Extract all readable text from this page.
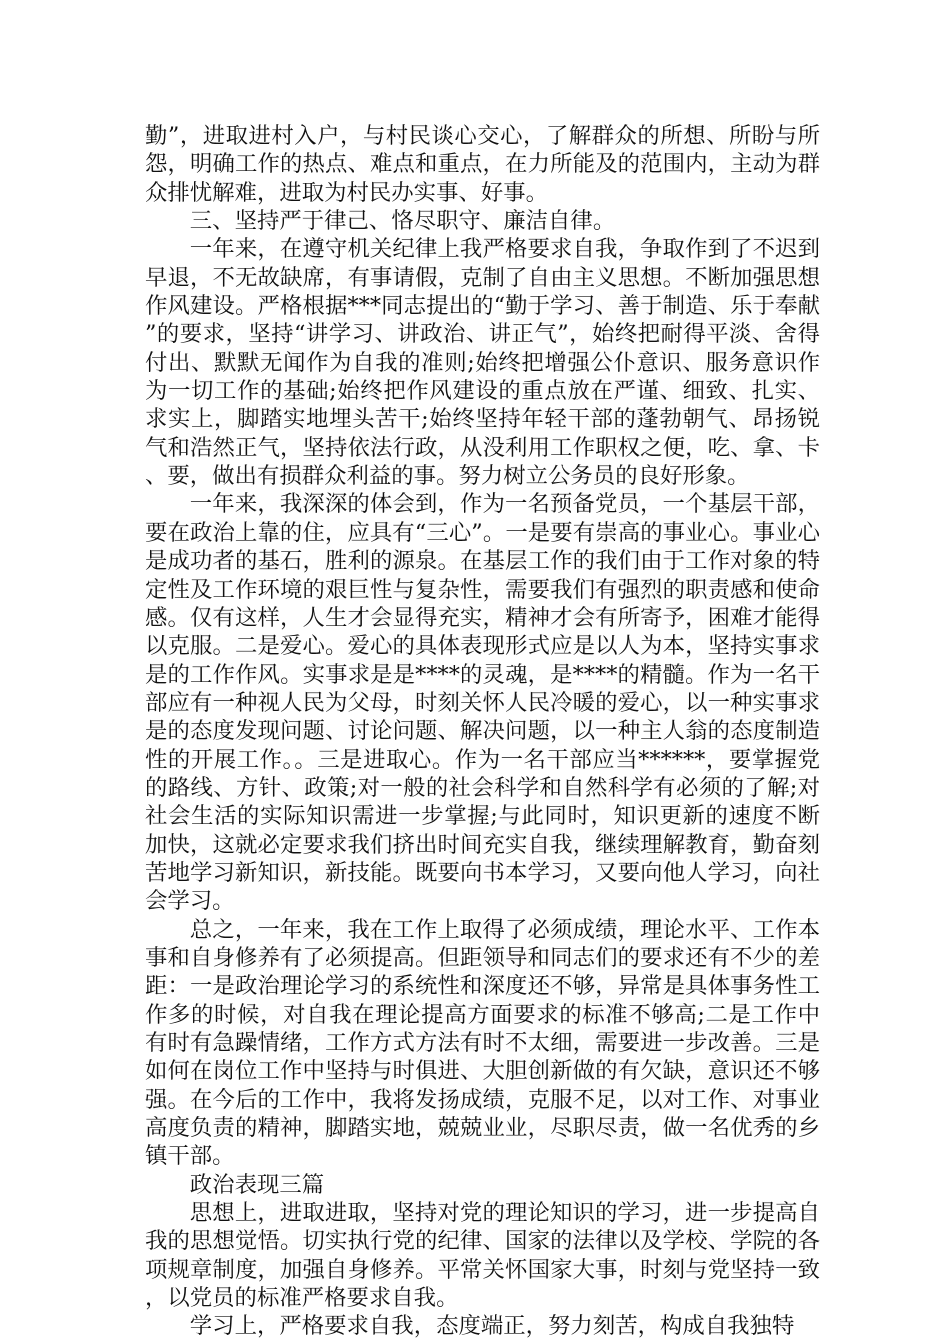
勤”，进取进村入户，与村民谈心交心，了解群众的所想、所盼与所怨，明确工作的热点、难点和重点，在力所能及的范围内，主动为群众排忧解难，进取为村民办实事、好事。

三、坚持严于律己、恪尽职守、廉洁自律。

一年来，在遵守机关纪律上我严格要求自我，争取作到了不迟到早退，不无故缺席，有事请假，克制了自由主义思想。不断加强思想作风建设。严格根据***同志提出的“勤于学习、善于制造、乐于奉献”的要求，坚持“讲学习、讲政治、讲正气”，始终把耐得平淡、舍得付出、默默无闻作为自我的准则;始终把增强公仆意识、服务意识作为一切工作的基础;始终把作风建设的重点放在严谨、细致、扎实、求实上，脚踏实地埋头苦干;始终坚持年轻干部的蓬勃朝气、昂扬锐气和浩然正气，坚持依法行政，从没利用工作职权之便，吃、拿、卡、要，做出有损群众利益的事。努力树立公务员的良好形象。

一年来，我深深的体会到，作为一名预备党员，一个基层干部，要在政治上靠的住，应具有“三心”。一是要有崇高的事业心。事业心是成功者的基石，胜利的源泉。在基层工作的我们由于工作对象的特定性及工作环境的艰巨性与复杂性，需要我们有强烈的职责感和使命感。仅有这样，人生才会显得充实，精神才会有所寄予，困难才能得以克服。二是爱心。爱心的具体表现形式应是以人为本，坚持实事求是的工作作风。实事求是是****的灵魂，是****的精髓。作为一名干部应有一种视人民为父母，时刻关怀人民冷暖的爱心，以一种实事求是的态度发现问题、讨论问题、解决问题，以一种主人翁的态度制造性的开展工作。。三是进取心。作为一名干部应当******，要掌握党的路线、方针、政策;对一般的社会科学和自然科学有必须的了解;对社会生活的实际知识需进一步掌握;与此同时，知识更新的速度不断加快，这就必定要求我们挤出时间充实自我，继续理解教育，勤奋刻苦地学习新知识，新技能。既要向书本学习，又要向他人学习，向社会学习。

总之，一年来，我在工作上取得了必须成绩，理论水平、工作本事和自身修养有了必须提高。但距领导和同志们的要求还有不少的差距：一是政治理论学习的系统性和深度还不够，异常是具体事务性工作多的时候，对自我在理论提高方面要求的标准不够高;二是工作中有时有急躁情绪，工作方式方法有时不太细，需要进一步改善。三是如何在岗位工作中坚持与时俱进、大胆创新做的有欠缺，意识还不够强。在今后的工作中，我将发扬成绩，克服不足，以对工作、对事业高度负责的精神，脚踏实地，兢兢业业，尽职尽责，做一名优秀的乡镇干部。

政治表现三篇

思想上，进取进取，坚持对党的理论知识的学习，进一步提高自我的思想觉悟。切实执行党的纪律、国家的法律以及学校、学院的各项规章制度，加强自身修养。平常关怀国家大事，时刻与党坚持一致，以党员的标准严格要求自我。

学习上，严格要求自我，态度端正，努力刻苦，构成自我独特
